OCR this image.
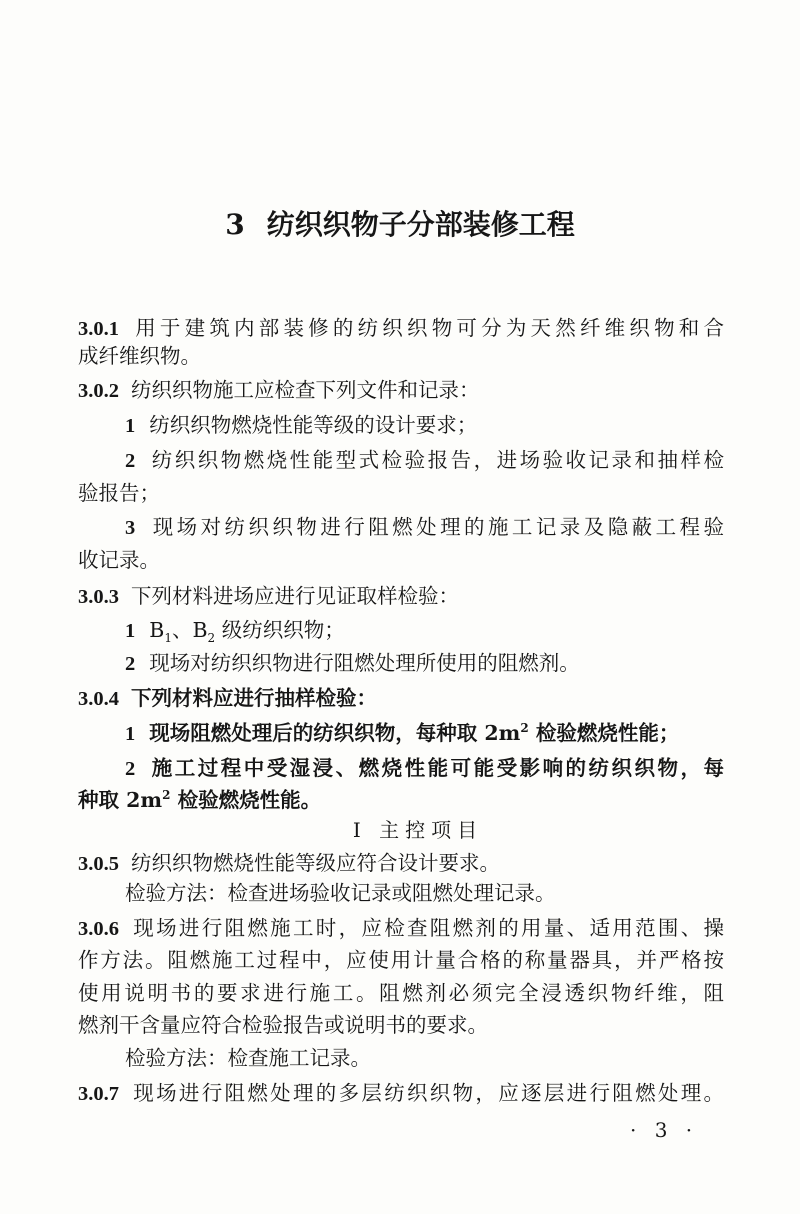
3 纺织织物子分部装修工程
3.0.1 用于建筑内部装修的纺织织物可分为天然纤维织物和合
成纤维织物。
3.0.2 纺织织物施工应检查下列文件和记录：
1 纺织织物燃烧性能等级的设计要求；
2 纺织织物燃烧性能型式检验报告，进场验收记录和抽样检
验报告；
3 现场对纺织织物进行阻燃处理的施工记录及隐蔽工程验
收记录。
3.0.3 下列材料进场应进行见证取样检验：
1 $B_1$、$B_2$ 级纺织织物；
2 现场对纺织织物进行阻燃处理所使用的阻燃剂。
3.0.4 下列材料应进行抽样检验：
1 现场阻燃处理后的纺织织物，每种取 $2m^2$ 检验燃烧性能；
2 施工过程中受湿浸、燃烧性能可能受影响的纺织织物，每
种取 $2m^2$ 检验燃烧性能。
Ⅰ 主控项目
3.0.5 纺织织物燃烧性能等级应符合设计要求。
检验方法：检查进场验收记录或阻燃处理记录。
3.0.6 现场进行阻燃施工时，应检查阻燃剂的用量、适用范围、操
作方法。阻燃施工过程中，应使用计量合格的称量器具，并严格按
使用说明书的要求进行施工。阻燃剂必须完全浸透织物纤维，阻
燃剂干含量应符合检验报告或说明书的要求。
检验方法：检查施工记录。
3.0.7 现场进行阻燃处理的多层纺织织物，应逐层进行阻燃处理。
· 3 ·
